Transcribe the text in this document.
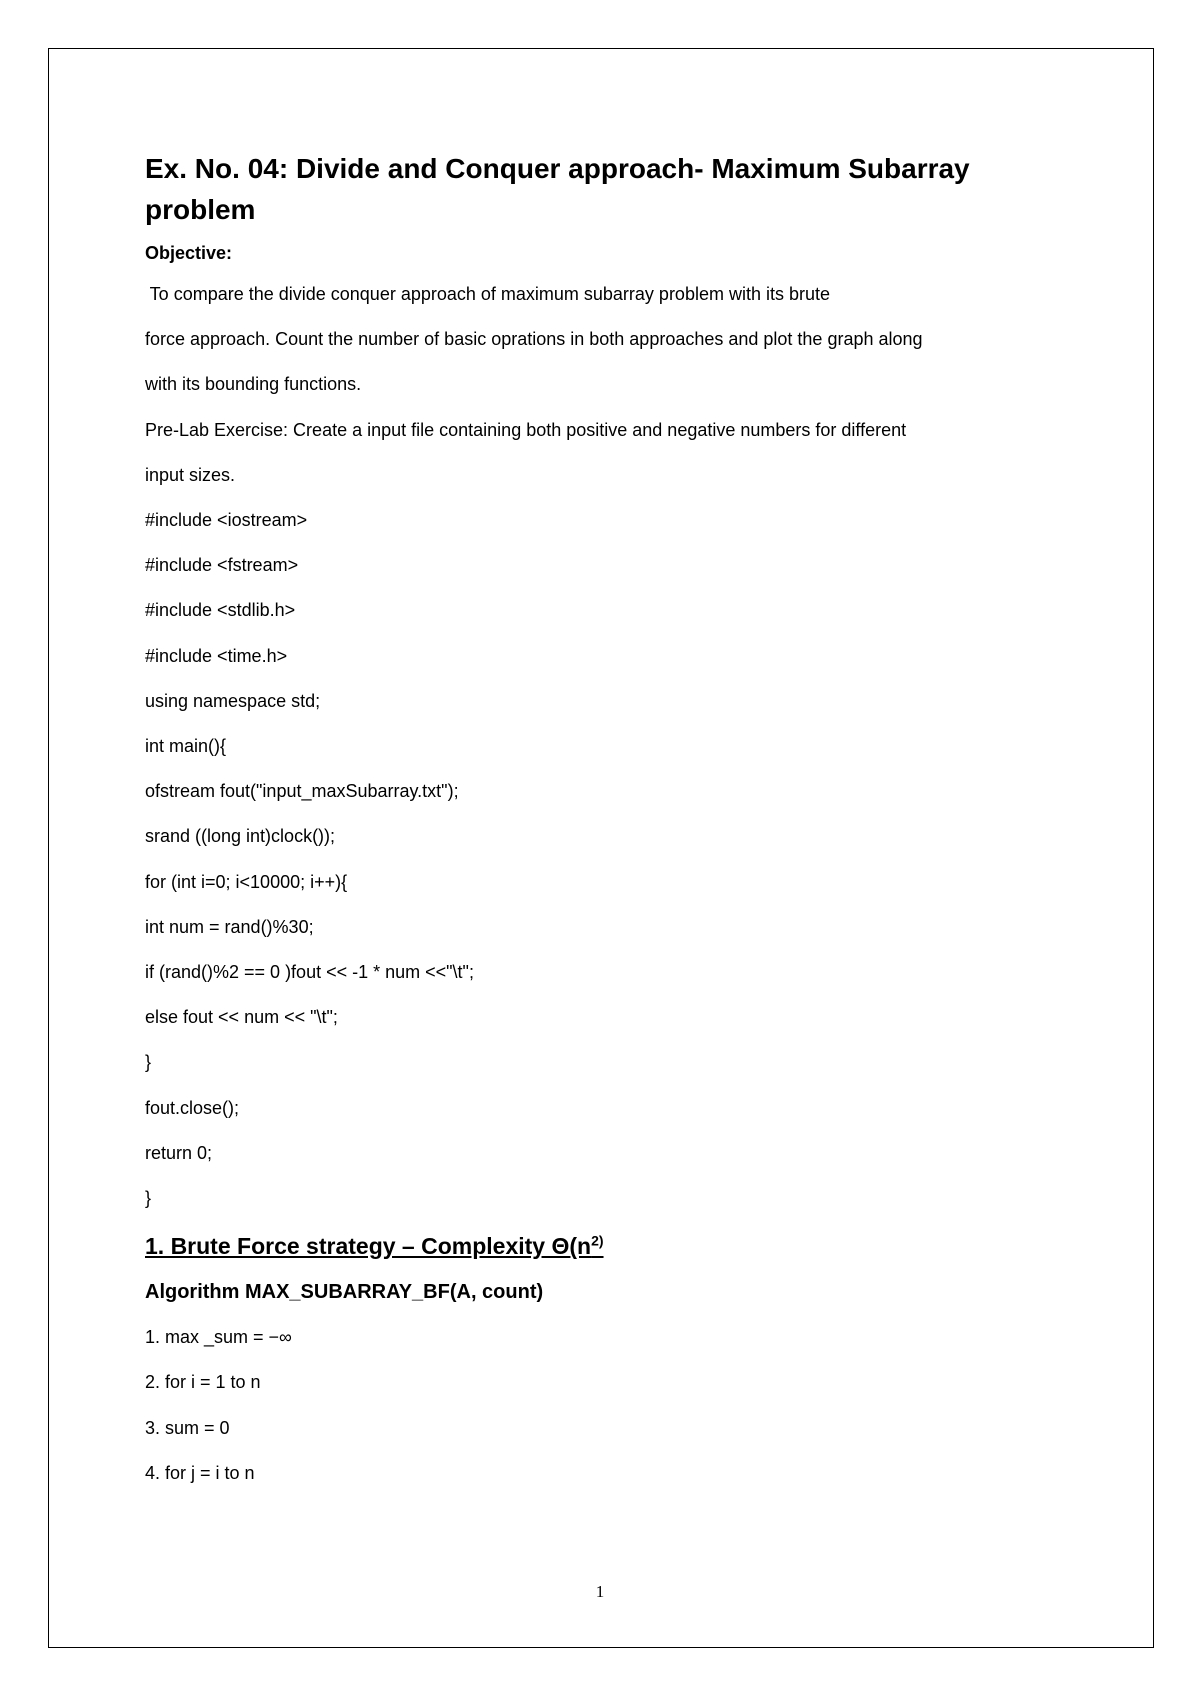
Ex. No. 04: Divide and Conquer approach- Maximum Subarray
problem
Objective:
To compare the divide conquer approach of maximum subarray problem with its brute
force approach. Count the number of basic oprations in both approaches and plot the graph along
with its bounding functions.
Pre-Lab Exercise: Create a input file containing both positive and negative numbers for different
input sizes.
#include <iostream>
#include <fstream>
#include <stdlib.h>
#include <time.h>
using namespace std;
int main(){
ofstream fout("input_maxSubarray.txt");
srand ((long int)clock());
for (int i=0; i<10000; i++){
int num = rand()%30;
if (rand()%2 == 0 )fout << -1 * num <<"\t";
else fout << num << "\t";
}
fout.close();
return 0;
}
1. Brute Force strategy – Complexity $\Theta(n^{2)}$
Algorithm MAX_SUBARRAY_BF(A, count)
1. max _sum = −∞
2. for i = 1 to n
3. sum = 0
4. for j = i to n
1
